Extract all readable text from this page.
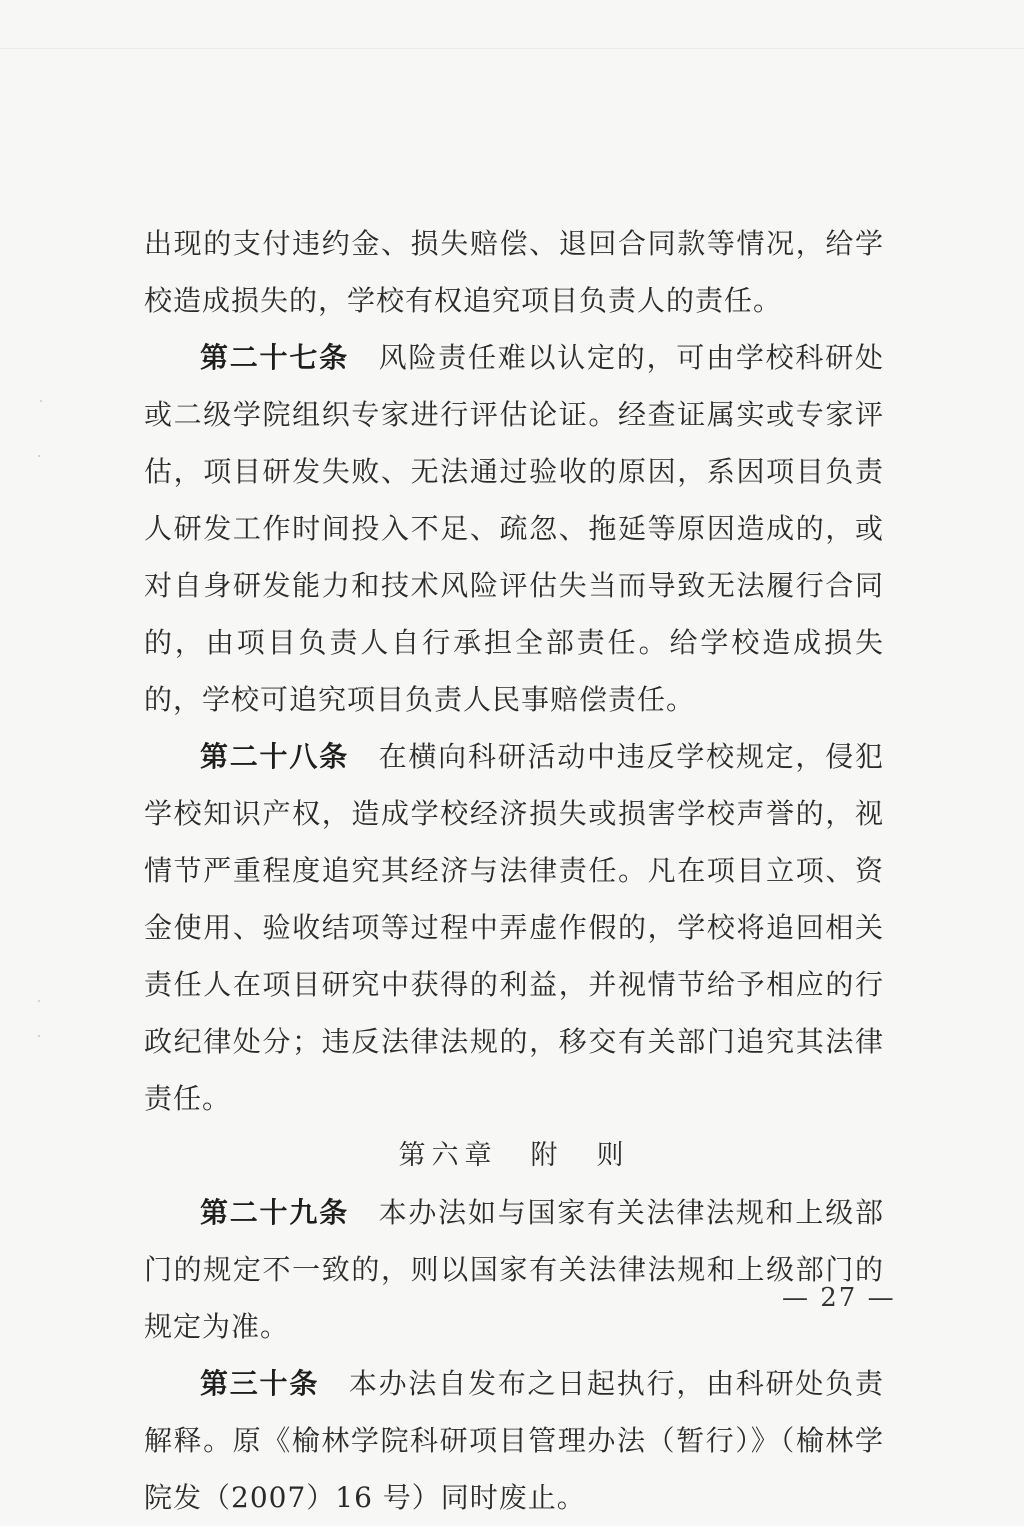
出现的支付违约金、损失赔偿、退回合同款等情况，给学校造成损失的，学校有权追究项目负责人的责任。

第二十七条  风险责任难以认定的，可由学校科研处或二级学院组织专家进行评估论证。经查证属实或专家评估，项目研发失败、无法通过验收的原因，系因项目负责人研发工作时间投入不足、疏忽、拖延等原因造成的，或对自身研发能力和技术风险评估失当而导致无法履行合同的，由项目负责人自行承担全部责任。给学校造成损失的，学校可追究项目负责人民事赔偿责任。

第二十八条  在横向科研活动中违反学校规定，侵犯学校知识产权，造成学校经济损失或损害学校声誉的，视情节严重程度追究其经济与法律责任。凡在项目立项、资金使用、验收结项等过程中弄虚作假的，学校将追回相关责任人在项目研究中获得的利益，并视情节给予相应的行政纪律处分；违反法律法规的，移交有关部门追究其法律责任。

第六章　附　则

第二十九条  本办法如与国家有关法律法规和上级部门的规定不一致的，则以国家有关法律法规和上级部门的规定为准。

第三十条  本办法自发布之日起执行，由科研处负责解释。原《榆林学院科研项目管理办法（暂行）》（榆林学院发（2007）16 号）同时废止。

— 27 —
